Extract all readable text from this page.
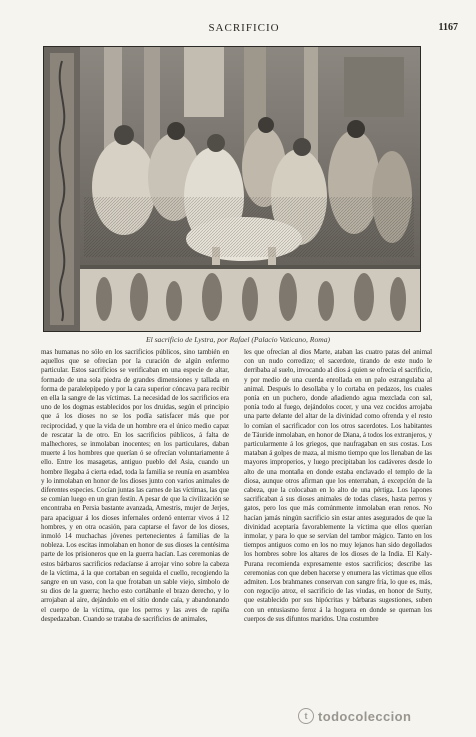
SACRIFICIO	1167
El sacrificio de Lystra, por Rafael (Palacio Vaticano, Roma)
mas humanas no sólo en los sacrificios públicos, sino también en aquellos que se ofrecían por la curación de algún enfermo particular. Estos sacrificios se verificaban en una especie de altar, formado de una sola piedra de grandes dimensiones y tallada en forma de paralelepípedo y por la cara superior cóncava para recibir en ella la sangre de las víctimas. La necesidad de los sacrificios era uno de los dogmas establecidos por los druidas, según el principio que á los dioses no se los podía satisfacer más que por reciprocidad, y que la vida de un hombre era el único medio capaz de rescatar la de otro. En los sacrificios públicos, á falta de malhechores, se inmolaban inocentes; en los particulares, daban muerte á los hombres que querían ó se ofrecían voluntariamente á ello. Entre los masagetas, antiguo pueblo del Asia, cuando un hombre llegaba á cierta edad, toda la familia se reunía en asamblea y lo inmolaban en honor de los dioses junto con varios animales de diferentes especies. Cocían juntas las carnes de las víctimas, las que se comían luego en un gran festín. A pesar de que la civilización se encontraba en Persia bastante avanzada, Amestris, mujer de Jerjes, para apaciguar á los dioses infernales ordenó enterrar vivos á 12 hombres, y en otra ocasión, para captarse el favor de los dioses, inmoló 14 muchachas jóvenes pertenecientes á familias de la nobleza. Los escitas inmolaban en honor de sus dioses la centésima parte de los prisioneros que en la guerra hacían. Las ceremonias de estos bárbaros sacrificios redacíanse á arrojar vino sobre la cabeza de la víctima, á la que cortaban en seguida el cuello, recogiendo la sangre en un vaso, con la que frotaban un sable viejo, símbolo de su dios de la guerra; hecho esto cortábanle el brazo derecho, y lo arrojaban al aire, dejándolo en el sitio donde caía, y abandonando el cuerpo de la víctima, que los perros y las aves de rapiña despedazaban. Cuando se trataba de sacrificios de animales,
les que ofrecían al dios Marte, ataban las cuatro patas del animal con un nudo corredizo; el sacerdote, tirando de este nudo le derribaba al suelo, invocando al dios á quien se ofrecía el sacrificio, y por medio de una cuerda enrollada en un palo estrangulaba al animal. Después lo desollaba y lo cortaba en pedazos, los cuales ponía en un puchero, donde añadiendo agua mezclada con sal, ponía todo al fuego, dejándolos cocer, y una vez cocidos arrojaba una parte delante del altar de la divinidad como ofrenda y el resto lo comían el sacrificador con los otros sacerdotes. Los habitantes de Táuride inmolaban, en honor de Diana, á todos los extranjeros, y particularmente á los griegos, que naufragaban en sus costas. Los mataban á golpes de maza, al mismo tiempo que los llenaban de las mayores improperios, y luego precipitaban los cadáveres desde lo alto de una montaña en donde estaba enclavado el templo de la diosa, aunque otros afirman que los enterraban, á excepción de la cabeza, que la colocaban en lo alto de una pértiga. Los lapones sacrificaban á sus dioses animales de todas clases, hasta perros y gatos, pero los que más comúnmente inmolaban eran renos. No hacían jamás ningún sacrificio sin estar antes asegurados de que la divinidad aceptaría favorablemente la víctima que ellos querían inmolar, y para lo que se servían del tambor mágico. Tanto en los tiempos antiguos como en los no muy lejanos han sido degollados los hombres sobre los altares de los dioses de la India. El Kaly-Purana recomienda expresamente estos sacrificios; describe las ceremonias con que deben hacerse y enumera las víctimas que ellos admiten. Los brahmanes conservan con sangre fría, lo que es, más, con regocijo atroz, el sacrificio de las viudas, en honor de Sutty, que establecido por sus hipócritas y bárbaras sugestiones, suben con un entusiasmo feroz á la hoguera en donde se queman los cuerpos de sus difuntos maridos. Una costumbre
t todocoleccion
